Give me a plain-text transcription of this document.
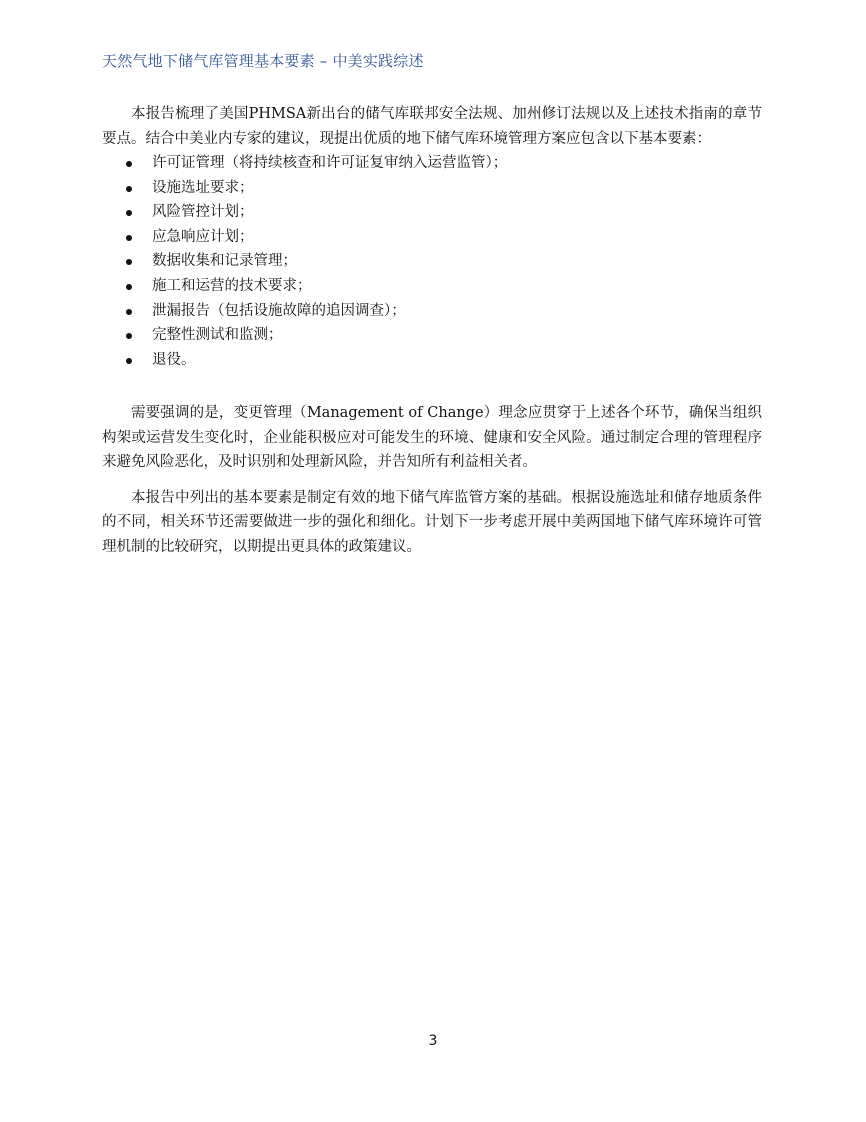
天然气地下储气库管理基本要素 – 中美实践综述

本报告梳理了美国PHMSA新出台的储气库联邦安全法规、加州修订法规以及上述技术指南的章节要点。结合中美业内专家的建议，现提出优质的地下储气库环境管理方案应包含以下基本要素：

许可证管理（将持续核查和许可证复审纳入运营监管）；
设施选址要求；
风险管控计划；
应急响应计划；
数据收集和记录管理；
施工和运营的技术要求；
泄漏报告（包括设施故障的追因调查）；
完整性测试和监测；
退役。

需要强调的是，变更管理（Management of Change）理念应贯穿于上述各个环节，确保当组织构架或运营发生变化时，企业能积极应对可能发生的环境、健康和安全风险。通过制定合理的管理程序来避免风险恶化，及时识别和处理新风险，并告知所有利益相关者。

本报告中列出的基本要素是制定有效的地下储气库监管方案的基础。根据设施选址和储存地质条件的不同，相关环节还需要做进一步的强化和细化。计划下一步考虑开展中美两国地下储气库环境许可管理机制的比较研究，以期提出更具体的政策建议。

3
